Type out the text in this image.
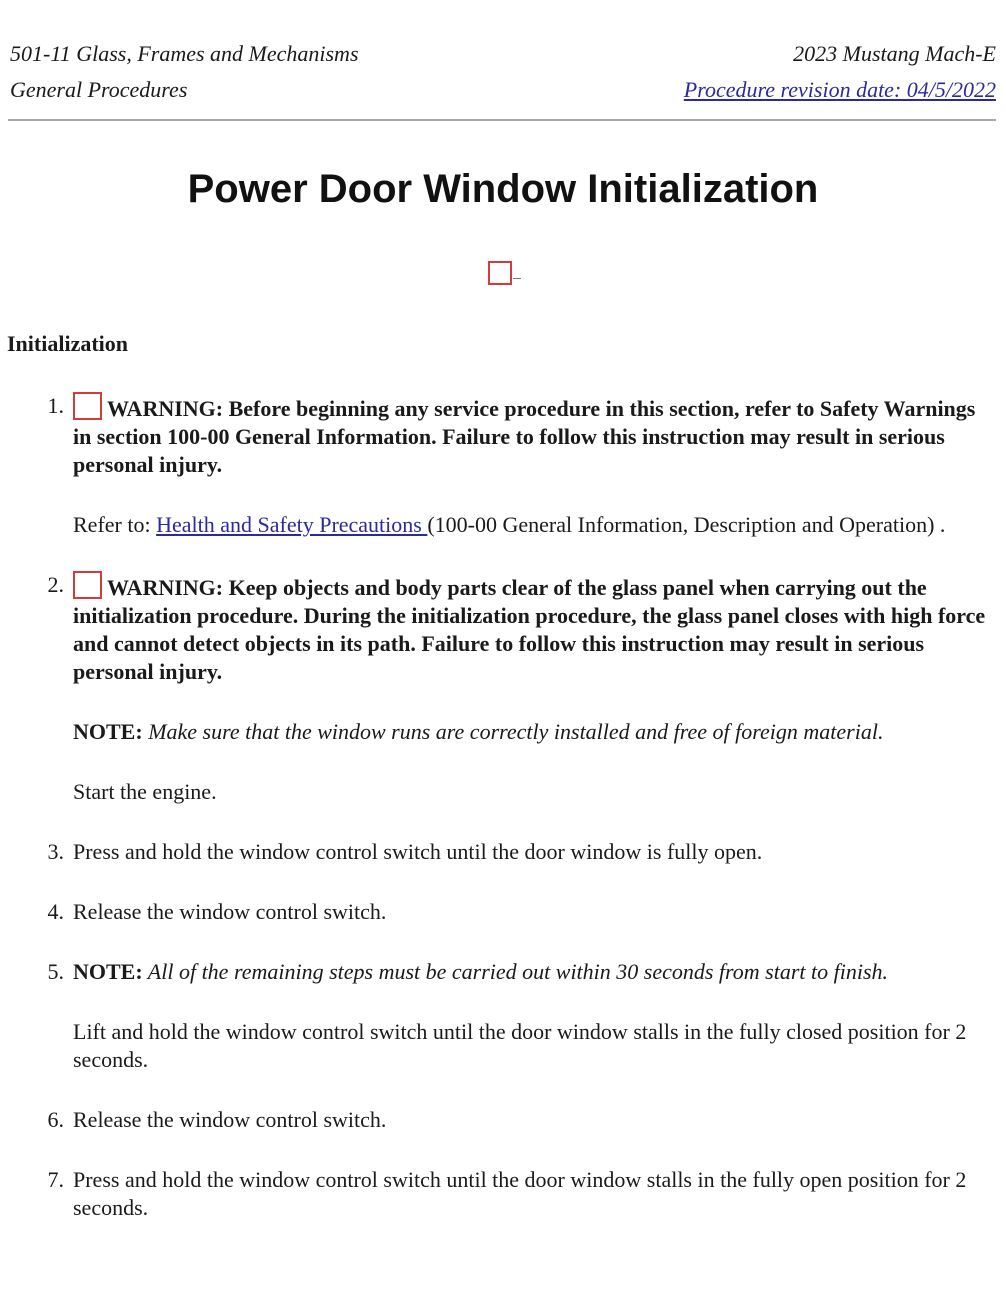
501-11 Glass, Frames and Mechanisms	2023 Mustang Mach-E
General Procedures	Procedure revision date: 04/5/2022
Power Door Window Initialization
Initialization
1.	WARNING: Before beginning any service procedure in this section, refer to Safety Warnings in section 100-00 General Information. Failure to follow this instruction may result in serious personal injury.

Refer to: Health and Safety Precautions (100-00 General Information, Description and Operation) .

2.	WARNING: Keep objects and body parts clear of the glass panel when carrying out the initialization procedure. During the initialization procedure, the glass panel closes with high force and cannot detect objects in its path. Failure to follow this instruction may result in serious personal injury.

NOTE: Make sure that the window runs are correctly installed and free of foreign material.

Start the engine.

3. Press and hold the window control switch until the door window is fully open.

4. Release the window control switch.

5. NOTE: All of the remaining steps must be carried out within 30 seconds from start to finish.

Lift and hold the window control switch until the door window stalls in the fully closed position for 2 seconds.

6. Release the window control switch.

7. Press and hold the window control switch until the door window stalls in the fully open position for 2 seconds.
